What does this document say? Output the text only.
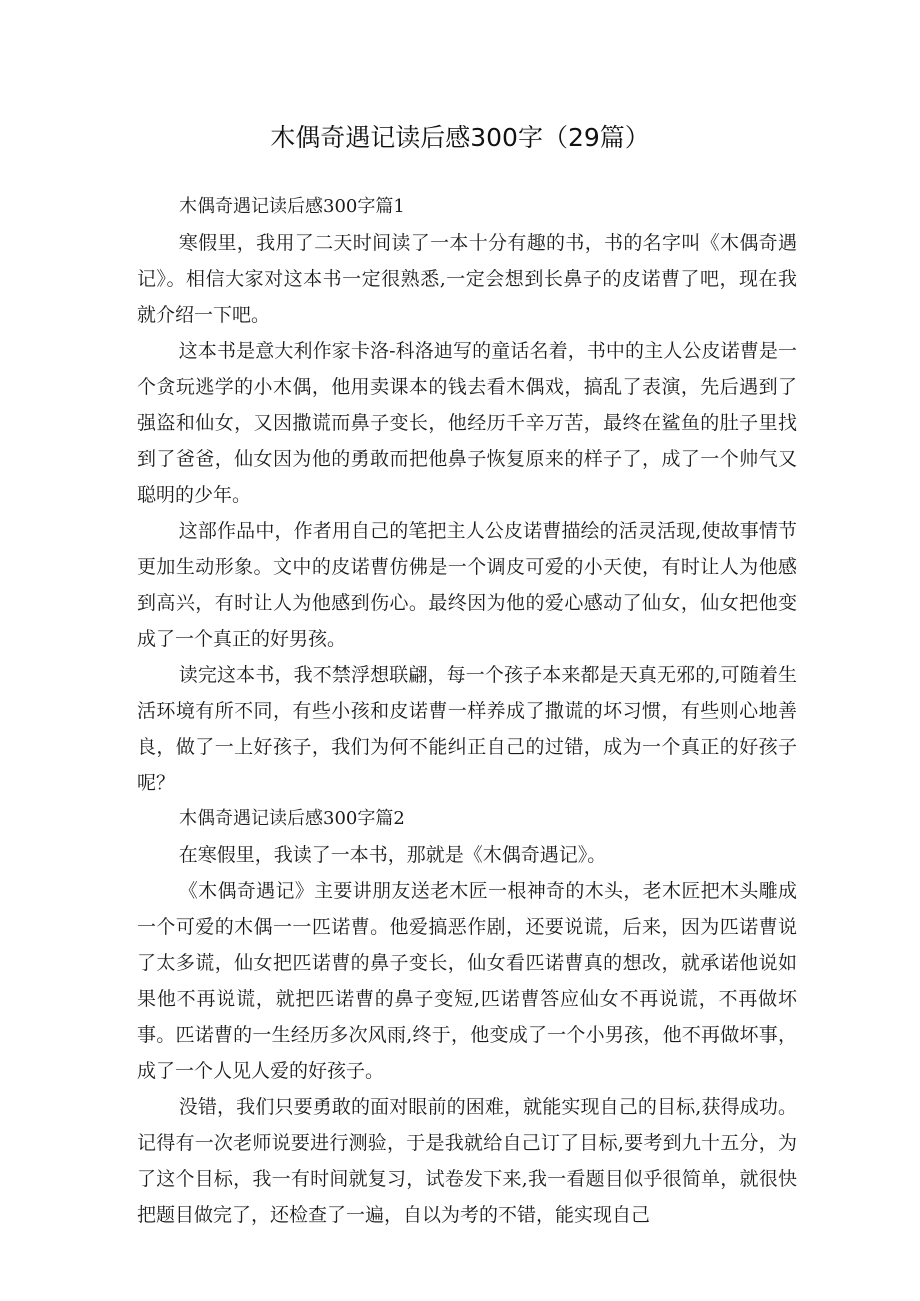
木偶奇遇记读后感300字（29篇）
木偶奇遇记读后感300字篇1

寒假里，我用了二天时间读了一本十分有趣的书，书的名字叫《木偶奇遇记》。相信大家对这本书一定很熟悉,一定会想到长鼻子的皮诺曹了吧，现在我就介绍一下吧。

这本书是意大利作家卡洛-科洛迪写的童话名着，书中的主人公皮诺曹是一个贪玩逃学的小木偶，他用卖课本的钱去看木偶戏，搞乱了表演，先后遇到了强盗和仙女，又因撒谎而鼻子变长，他经历千辛万苦，最终在鲨鱼的肚子里找到了爸爸，仙女因为他的勇敢而把他鼻子恢复原来的样子了，成了一个帅气又聪明的少年。

这部作品中，作者用自己的笔把主人公皮诺曹描绘的活灵活现,使故事情节更加生动形象。文中的皮诺曹仿佛是一个调皮可爱的小天使，有时让人为他感到高兴，有时让人为他感到伤心。最终因为他的爱心感动了仙女，仙女把他变成了一个真正的好男孩。

读完这本书，我不禁浮想联翩，每一个孩子本来都是天真无邪的,可随着生活环境有所不同，有些小孩和皮诺曹一样养成了撒谎的坏习惯，有些则心地善良，做了一上好孩子，我们为何不能纠正自己的过错，成为一个真正的好孩子呢？

木偶奇遇记读后感300字篇2

在寒假里，我读了一本书，那就是《木偶奇遇记》。

《木偶奇遇记》主要讲朋友送老木匠一根神奇的木头，老木匠把木头雕成一个可爱的木偶一一匹诺曹。他爱搞恶作剧，还要说谎，后来，因为匹诺曹说了太多谎，仙女把匹诺曹的鼻子变长，仙女看匹诺曹真的想改，就承诺他说如果他不再说谎，就把匹诺曹的鼻子变短,匹诺曹答应仙女不再说谎，不再做坏事。匹诺曹的一生经历多次风雨,终于，他变成了一个小男孩，他不再做坏事，成了一个人见人爱的好孩子。

没错，我们只要勇敢的面对眼前的困难，就能实现自己的目标,获得成功。记得有一次老师说要进行测验，于是我就给自己订了目标,要考到九十五分，为了这个目标，我一有时间就复习，试卷发下来,我一看题目似乎很简单，就很快把题目做完了，还检查了一遍，自以为考的不错，能实现自己
